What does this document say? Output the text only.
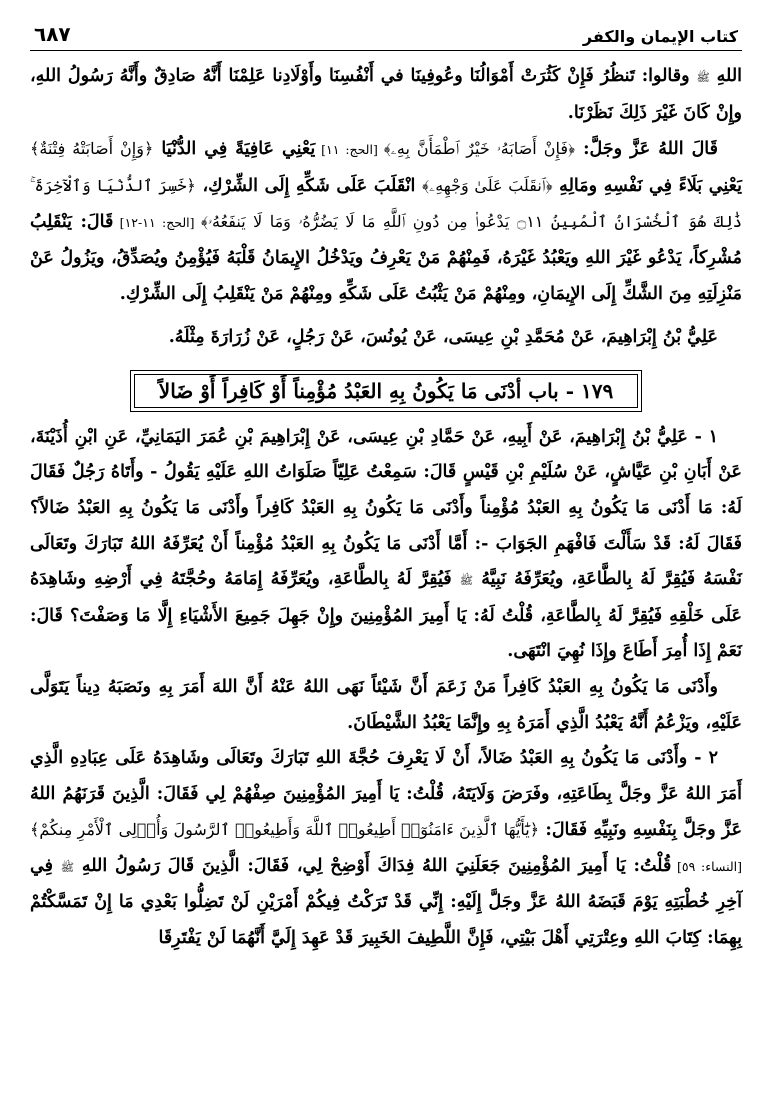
كتاب الإيمان والكفر
٦٨٧

اللهِ ﷺ وقالوا: تَنظُرُ فَإِنْ كَثُرَتْ أَمْوَالُنَا وعُوفِينَا في أَنْفُسِنَا وأَوْلَادِنا عَلِمْنَا أَنَّهُ صَادِقٌ وأَنَّهُ رَسُولُ اللهِ، وإِنْ كَانَ غَيْرَ ذَلِكَ نَظَرْنَا.

قَالَ اللهُ عَزَّ وجَلَّ: ﴿فَإِنْ أَصَابَهُۥ خَيْرٌ ٱطْمَأَنَّ بِهِۦ﴾ [الحج: ١١] يَعْنِي عَافِيَةً فِي الدُّنْيَا ﴿وَإِنْ أَصَابَتْهُ فِتْنَةٌ﴾ يَعْنِي بَلَاءً فِي نَفْسِهِ ومَالِهِ ﴿ٱنقَلَبَ عَلَىٰ وَجْهِهِۦ﴾ انْقَلَبَ عَلَى شَكِّهِ إِلَى الشِّرْكِ، ﴿خَسِرَ ٱلدُّنْيَا وَٱلْآخِرَةَ ۚ ذَٰلِكَ هُوَ ٱلْخُسْرَانُ ٱلْمُبِينُ ۝١١ يَدْعُوا۟ مِن دُونِ ٱللَّهِ مَا لَا يَضُرُّهُۥ وَمَا لَا يَنفَعُهُۥ﴾ [الحج: ١١-١٢] قَالَ: يَنْقَلِبُ مُشْرِكاً، يَدْعُو غَيْرَ اللهِ ويَعْبُدُ غَيْرَهُ، فَمِنْهُمْ مَنْ يَعْرِفُ ويَدْخُلُ الإِيمَانُ قَلْبَهُ فَيُؤْمِنُ ويُصَدِّقُ، ويَزُولُ عَنْ مَنْزِلَتِهِ مِنَ الشَّكِّ إِلَى الإِيمَانِ، ومِنْهُمْ مَنْ يَثْبُتُ عَلَى شَكِّهِ ومِنْهُمْ مَنْ يَنْقَلِبُ إِلَى الشِّرْكِ.

عَلِيُّ بْنُ إِبْرَاهِيمَ، عَنْ مُحَمَّدِ بْنِ عِيسَى، عَنْ يُونُسَ، عَنْ رَجُلٍ، عَنْ زُرَارَةَ مِثْلَهُ.

١٧٩ - باب أدْنَى مَا يَكُونُ بِهِ العَبْدُ مُؤْمِناً أَوْ كَافِراً أَوْ ضَالاً

١ - عَلِيُّ بْنُ إِبْرَاهِيمَ، عَنْ أَبِيهِ، عَنْ حَمَّادِ بْنِ عِيسَى، عَنْ إِبْرَاهِيمَ بْنِ عُمَرَ اليَمَانِيِّ، عَنِ ابْنِ أُذَيْنَةَ، عَنْ أَبَانِ بْنِ عَيَّاشٍ، عَنْ سُلَيْمِ بْنِ قَيْسٍ قَالَ: سَمِعْتُ عَلِيّاً صَلَوَاتُ اللهِ عَلَيْهِ يَقُولُ - وأَتَاهُ رَجُلٌ فَقَالَ لَهُ: مَا أَدْنَى مَا يَكُونُ بِهِ العَبْدُ مُؤْمِناً وأَدْنَى مَا يَكُونُ بِهِ العَبْدُ كَافِراً وأَدْنَى مَا يَكُونُ بِهِ العَبْدُ ضَالاً؟ فَقَالَ لَهُ: قَدْ سَأَلْتَ فَافْهَمِ الجَوَابَ -: أَمَّا أَدْنَى مَا يَكُونُ بِهِ العَبْدُ مُؤْمِناً أَنْ يُعَرِّفَهُ اللهُ تَبَارَكَ وتَعَالَى نَفْسَهُ فَيُقِرَّ لَهُ بِالطَّاعَةِ، ويُعَرِّفَهُ نَبِيَّهُ ﷺ فَيُقِرَّ لَهُ بِالطَّاعَةِ، ويُعَرِّفَهُ إِمَامَهُ وحُجَّتَهُ فِي أَرْضِهِ وشَاهِدَهُ عَلَى خَلْقِهِ فَيُقِرَّ لَهُ بِالطَّاعَةِ، قُلْتُ لَهُ: يَا أَمِيرَ المُؤْمِنِينَ وإِنْ جَهِلَ جَمِيعَ الأَشْيَاءِ إِلَّا مَا وَصَفْتَ؟ قَالَ: نَعَمْ إِذَا أُمِرَ أَطَاعَ وإِذَا نُهِيَ انْتَهَى.

وأَدْنَى مَا يَكُونُ بِهِ العَبْدُ كَافِراً مَنْ زَعَمَ أَنَّ شَيْئاً نَهَى اللهُ عَنْهُ أَنَّ اللهَ أَمَرَ بِهِ ونَصَبَهُ دِيناً يَتَوَلَّى عَلَيْهِ، ويَزْعُمُ أَنَّهُ يَعْبُدُ الَّذِي أَمَرَهُ بِهِ وإِنَّمَا يَعْبُدُ الشَّيْطَانَ.

٢ - وأَدْنَى مَا يَكُونُ بِهِ العَبْدُ ضَالاً، أَنْ لَا يَعْرِفَ حُجَّةَ اللهِ تَبَارَكَ وتَعَالَى وشَاهِدَهُ عَلَى عِبَادِهِ الَّذِي أَمَرَ اللهُ عَزَّ وجَلَّ بِطَاعَتِهِ، وفَرَضَ وَلَايَتَهُ، قُلْتُ: يَا أَمِيرَ المُؤْمِنِينَ صِفْهُمْ لِي فَقَالَ: الَّذِينَ قَرَنَهُمُ اللهُ عَزَّ وجَلَّ بِنَفْسِهِ ونَبِيِّهِ فَقَالَ: ﴿يَٰٓأَيُّهَا ٱلَّذِينَ ءَامَنُوٓا۟ أَطِيعُوا۟ ٱللَّهَ وَأَطِيعُوا۟ ٱلرَّسُولَ وَأُو۟لِى ٱلْأَمْرِ مِنكُمْ﴾ [النساء: ٥٩] قُلْتُ: يَا أَمِيرَ المُؤْمِنِينَ جَعَلَنِيَ اللهُ فِدَاكَ أَوْضِحْ لِي، فَقَالَ: الَّذِينَ قَالَ رَسُولُ اللهِ ﷺ فِي آخِرِ خُطْبَتِهِ يَوْمَ قَبَضَهُ اللهُ عَزَّ وجَلَّ إِلَيْهِ: إِنِّي قَدْ تَرَكْتُ فِيكُمْ أَمْرَيْنِ لَنْ تَضِلُّوا بَعْدِي مَا إِنْ تَمَسَّكْتُمْ بِهِمَا: كِتَابَ اللهِ وعِتْرَتِي أَهْلَ بَيْتِي، فَإِنَّ اللَّطِيفَ الخَبِيرَ قَدْ عَهِدَ إِلَيَّ أَنَّهُمَا لَنْ يَفْتَرِقَا
